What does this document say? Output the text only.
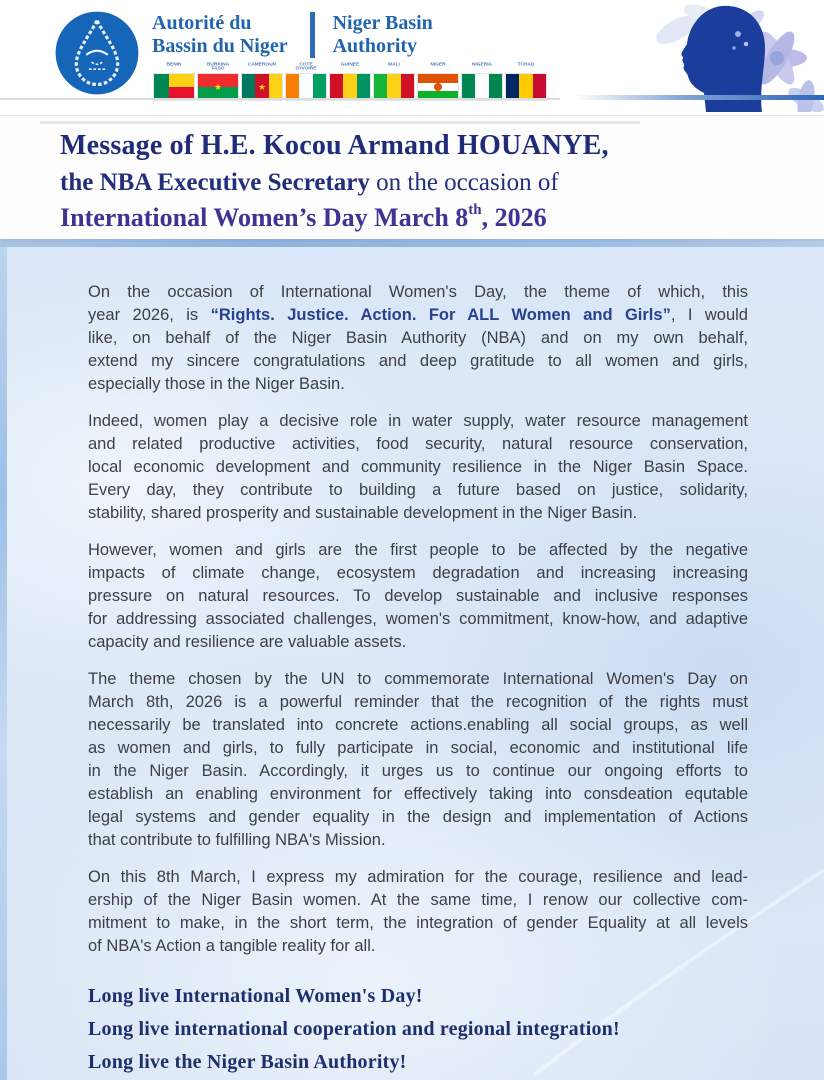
Autorité du
Bassin du Niger
Niger Basin
Authority
BENIN	BURKINA
FASO
★
CAMEROUN
★
COTE
D'IVOIRE
GUINEE	MALI	NIGER	NIGERIA	TCHAD
Message of H.E. Kocou Armand HOUANYE,
the NBA Executive Secretary on the occasion of
International Women’s Day March 8th, 2026
On the occasion of International Women's Day, the theme of which, this
year 2026, is “Rights. Justice. Action. For ALL Women and Girls”, I would
like, on behalf of the Niger Basin Authority (NBA) and on my own behalf,
extend my sincere congratulations and deep gratitude to all women and girls,
especially those in the Niger Basin.
Indeed, women play a decisive role in water supply, water resource management
and related productive activities, food security, natural resource conservation,
local economic development and community resilience in the Niger Basin Space.
Every day, they contribute to building a future based on justice, solidarity,
stability, shared prosperity and sustainable development in the Niger Basin.
However, women and girls are the first people to be affected by the negative
impacts of climate change, ecosystem degradation and increasing increasing
pressure on natural resources. To develop sustainable and inclusive responses
for addressing associated challenges, women's commitment, know-how, and adaptive
capacity and resilience are valuable assets.
The theme chosen by the UN to commemorate International Women's Day on
March 8th, 2026 is a powerful reminder that the recognition of the rights must
necessarily be translated into concrete actions.enabling all social groups, as well
as women and girls, to fully participate in social, economic and institutional life
in the Niger Basin. Accordingly, it urges us to continue our ongoing efforts to
establish an enabling environment for effectively taking into consdeation equtable
legal systems and gender equality in the design and implementation of Actions
that contribute to fulfilling NBA's Mission.
On this 8th March, I express my admiration for the courage, resilience and lead-
ership of the Niger Basin women. At the same time, I renow our collective com-
mitment to make, in the short term, the integration of gender Equality at all levels
of NBA's Action a tangible reality for all.

Long live International Women's Day!

Long live international cooperation and regional integration!

Long live the Niger Basin Authority!
